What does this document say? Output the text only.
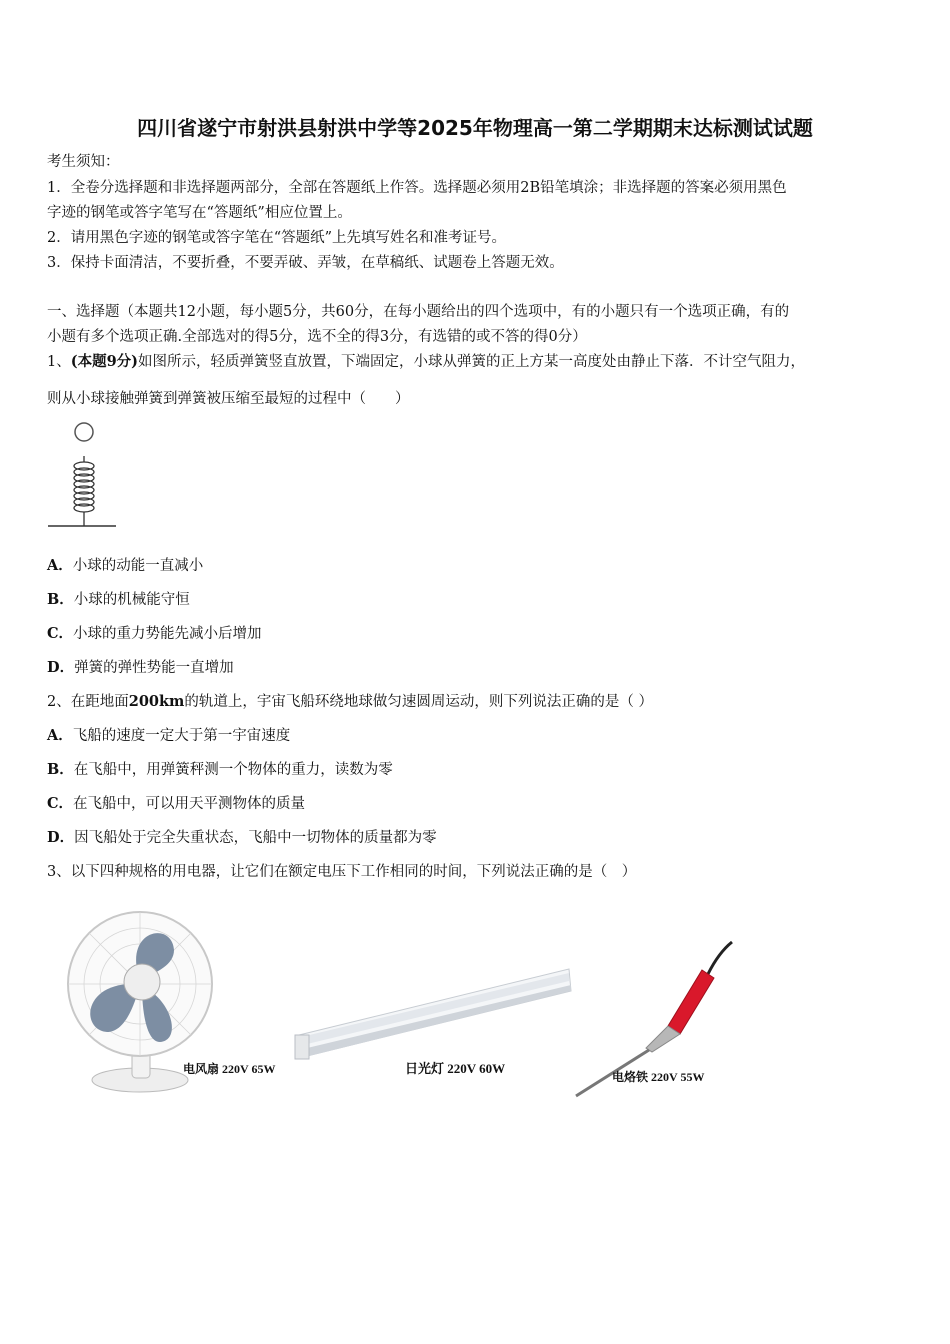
四川省遂宁市射洪县射洪中学等2025年物理高一第二学期期末达标测试试题
考生须知：
1．全卷分选择题和非选择题两部分，全部在答题纸上作答。选择题必须用2B铅笔填涂；非选择题的答案必须用黑色
字迹的钢笔或答字笔写在“答题纸”相应位置上。
2．请用黑色字迹的钢笔或答字笔在“答题纸”上先填写姓名和准考证号。
3．保持卡面清洁，不要折叠，不要弄破、弄皱，在草稿纸、试题卷上答题无效。
一、选择题（本题共12小题，每小题5分，共60分，在每小题给出的四个选项中，有的小题只有一个选项正确，有的
小题有多个选项正确.全部选对的得5分，选不全的得3分，有选错的或不答的得0分）
1、(本题9分)如图所示，轻质弹簧竖直放置，下端固定，小球从弹簧的正上方某一高度处由静止下落．不计空气阻力，
则从小球接触弹簧到弹簧被压缩至最短的过程中（　　）
A．小球的动能一直减小
B．小球的机械能守恒
C．小球的重力势能先减小后增加
D．弹簧的弹性势能一直增加
2、在距地面200km的轨道上，宇宙飞船环绕地球做匀速圆周运动，则下列说法正确的是（ ）
A．飞船的速度一定大于第一宇宙速度
B．在飞船中，用弹簧秤测一个物体的重力，读数为零
C．在飞船中，可以用天平测物体的质量
D．因飞船处于完全失重状态，飞船中一切物体的质量都为零
3、以下四种规格的用电器，让它们在额定电压下工作相同的时间，下列说法正确的是（　）
电风扇 220V 65W	日光灯 220V 60W
电烙铁 220V 55W
